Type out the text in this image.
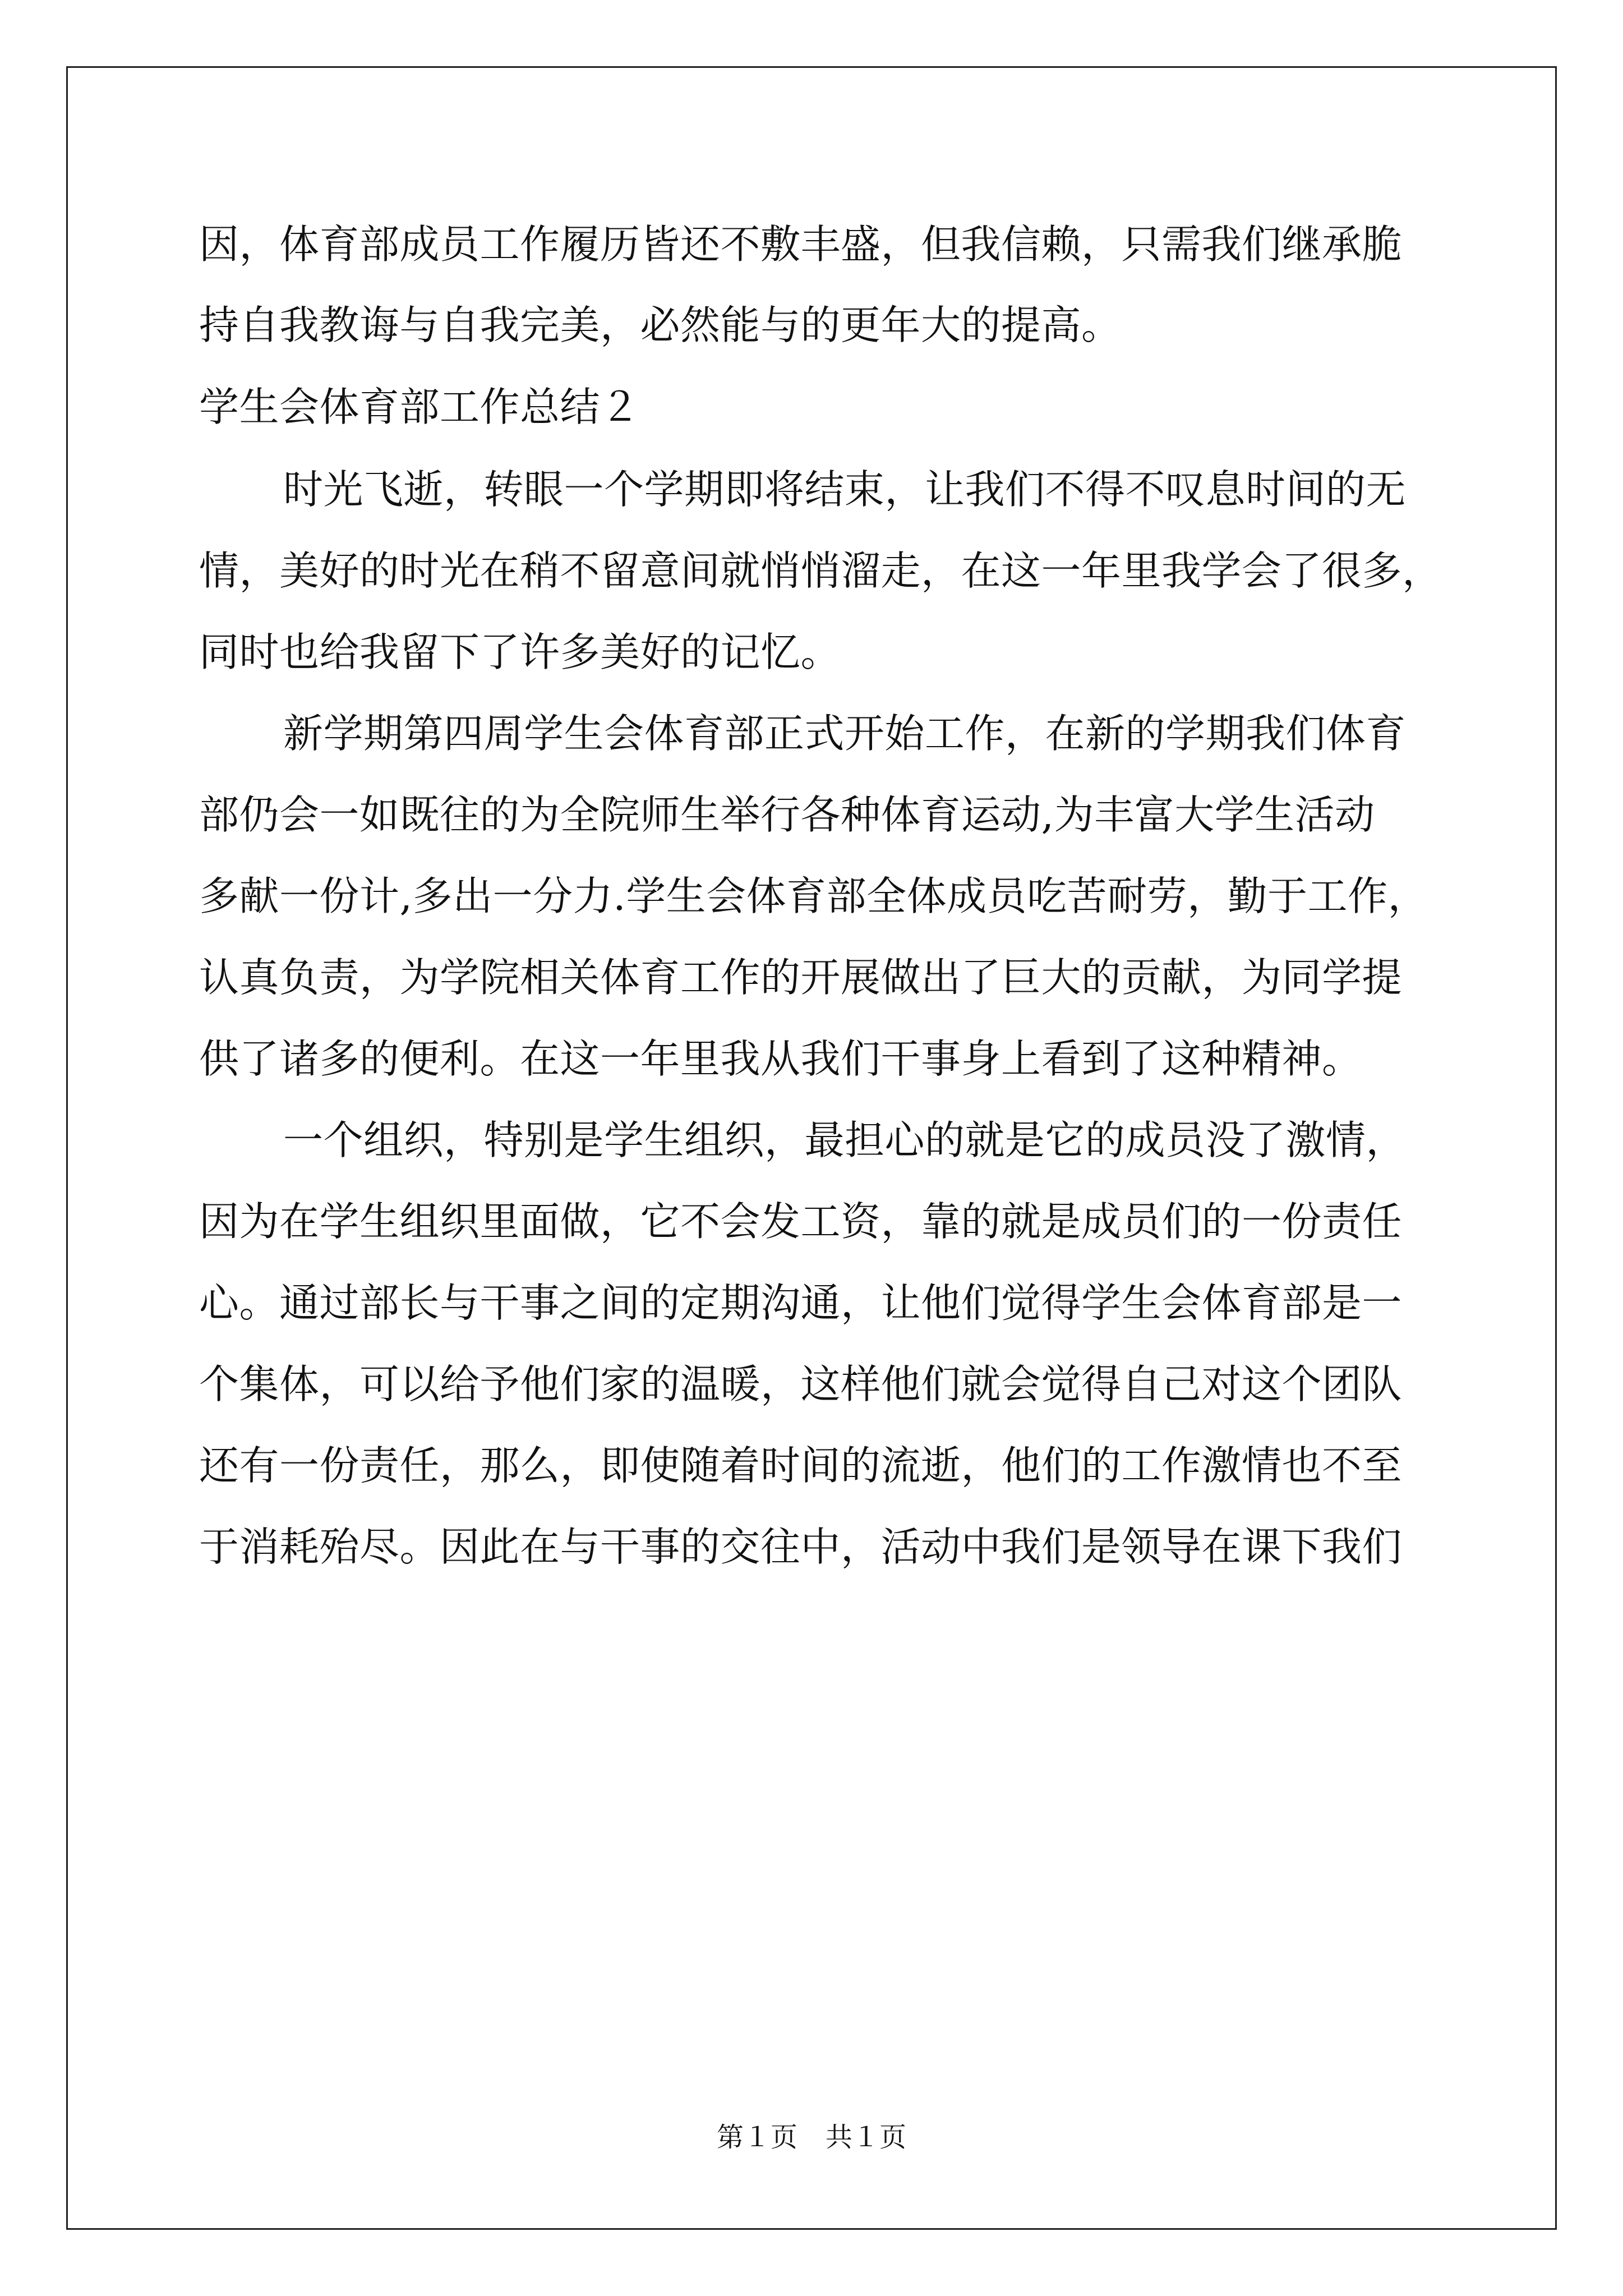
因，体育部成员工作履历皆还不敷丰盛，但我信赖，只需我们继承脆
持自我教诲与自我完美，必然能与的更年大的提高。
学生会体育部工作总结２
时光飞逝，转眼一个学期即将结束，让我们不得不叹息时间的无
情，美好的时光在稍不留意间就悄悄溜走，在这一年里我学会了很多，
同时也给我留下了许多美好的记忆。
新学期第四周学生会体育部正式开始工作，在新的学期我们体育
部仍会一如既往的为全院师生举行各种体育运动,为丰富大学生活动
多献一份计,多出一分力.学生会体育部全体成员吃苦耐劳，勤于工作，
认真负责，为学院相关体育工作的开展做出了巨大的贡献，为同学提
供了诸多的便利。在这一年里我从我们干事身上看到了这种精神。
一个组织，特别是学生组织，最担心的就是它的成员没了激情，
因为在学生组织里面做，它不会发工资，靠的就是成员们的一份责任
心。通过部长与干事之间的定期沟通，让他们觉得学生会体育部是一
个集体，可以给予他们家的温暖，这样他们就会觉得自己对这个团队
还有一份责任，那么，即使随着时间的流逝，他们的工作激情也不至
于消耗殆尽。因此在与干事的交往中，活动中我们是领导在课下我们
第１页 共１页
